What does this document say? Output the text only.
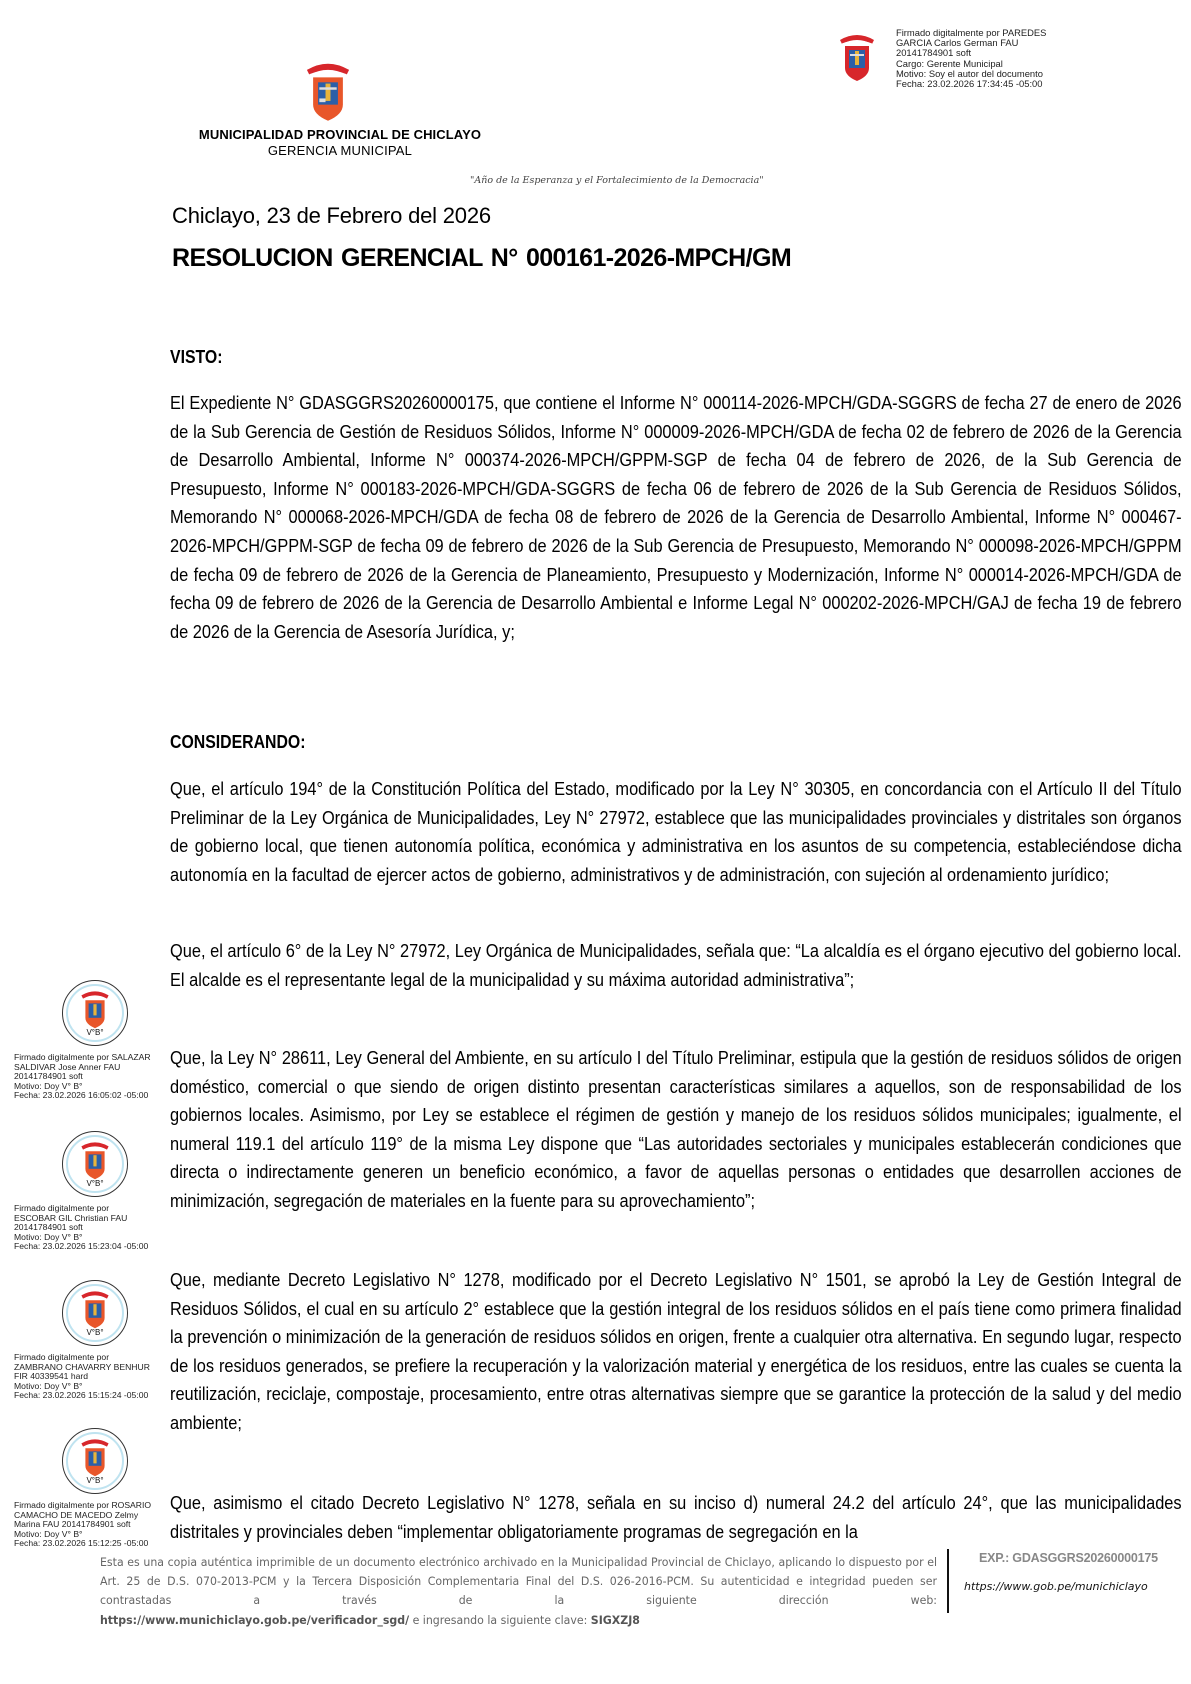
Firmado digitalmente por PAREDES
GARCIA Carlos German FAU
20141784901 soft
Cargo: Gerente Municipal
Motivo: Soy el autor del documento
Fecha: 23.02.2026 17:34:45 -05:00
MUNICIPALIDAD PROVINCIAL DE CHICLAYO
GERENCIA MUNICIPAL
"Año de la Esperanza y el Fortalecimiento de la Democracia"
Chiclayo, 23 de Febrero del 2026
RESOLUCION GERENCIAL N° 000161-2026-MPCH/GM
VISTO:
El Expediente N° GDASGGRS20260000175, que contiene el Informe N° 000114-2026-MPCH/GDA-SGGRS de fecha 27 de enero de 2026 de la Sub Gerencia de Gestión de Residuos Sólidos, Informe N° 000009-2026-MPCH/GDA de fecha 02 de febrero de 2026 de la Gerencia de Desarrollo Ambiental, Informe N° 000374-2026-MPCH/GPPM-SGP de fecha 04 de febrero de 2026, de la Sub Gerencia de Presupuesto, Informe N° 000183-2026-MPCH/GDA-SGGRS de fecha 06 de febrero de 2026 de la Sub Gerencia de Residuos Sólidos, Memorando N° 000068-2026-MPCH/GDA de fecha 08 de febrero de 2026 de la Gerencia de Desarrollo Ambiental, Informe N° 000467-2026-MPCH/GPPM-SGP de fecha 09 de febrero de 2026 de la Sub Gerencia de Presupuesto, Memorando N° 000098-2026-MPCH/GPPM de fecha 09 de febrero de 2026 de la Gerencia de Planeamiento, Presupuesto y Modernización, Informe N° 000014-2026-MPCH/GDA de fecha 09 de febrero de 2026 de la Gerencia de Desarrollo Ambiental e Informe Legal N° 000202-2026-MPCH/GAJ de fecha 19 de febrero de 2026 de la Gerencia de Asesoría Jurídica, y;
CONSIDERANDO:
Que, el artículo 194° de la Constitución Política del Estado, modificado por la Ley N° 30305, en concordancia con el Artículo II del Título Preliminar de la Ley Orgánica de Municipalidades, Ley N° 27972, establece que las municipalidades provinciales y distritales son órganos de gobierno local, que tienen autonomía política, económica y administrativa en los asuntos de su competencia, estableciéndose dicha autonomía en la facultad de ejercer actos de gobierno, administrativos y de administración, con sujeción al ordenamiento jurídico;
Que, el artículo 6° de la Ley N° 27972, Ley Orgánica de Municipalidades, señala que: “La alcaldía es el órgano ejecutivo del gobierno local. El alcalde es el representante legal de la municipalidad y su máxima autoridad administrativa”;
Que, la Ley N° 28611, Ley General del Ambiente, en su artículo I del Título Preliminar, estipula que la gestión de residuos sólidos de origen doméstico, comercial o que siendo de origen distinto presentan características similares a aquellos, son de responsabilidad de los gobiernos locales. Asimismo, por Ley se establece el régimen de gestión y manejo de los residuos sólidos municipales; igualmente, el numeral 119.1 del artículo 119° de la misma Ley dispone que “Las autoridades sectoriales y municipales establecerán condiciones que directa o indirectamente generen un beneficio económico, a favor de aquellas personas o entidades que desarrollen acciones de minimización, segregación de materiales en la fuente para su aprovechamiento”;
Que, mediante Decreto Legislativo N° 1278, modificado por el Decreto Legislativo N° 1501, se aprobó la Ley de Gestión Integral de Residuos Sólidos, el cual en su artículo 2° establece que la gestión integral de los residuos sólidos en el país tiene como primera finalidad la prevención o minimización de la generación de residuos sólidos en origen, frente a cualquier otra alternativa. En segundo lugar, respecto de los residuos generados, se prefiere la recuperación y la valorización material y energética de los residuos, entre las cuales se cuenta la reutilización, reciclaje, compostaje, procesamiento, entre otras alternativas siempre que se garantice la protección de la salud y del medio ambiente;
Que, asimismo el citado Decreto Legislativo N° 1278, señala en su inciso d) numeral 24.2 del artículo 24°, que las municipalidades distritales y provinciales deben “implementar obligatoriamente programas de segregación en la
V°B°
Firmado digitalmente por SALAZAR
SALDIVAR Jose Anner FAU
20141784901 soft
Motivo: Doy V° B°
Fecha: 23.02.2026 16:05:02 -05:00
V°B°
Firmado digitalmente por
ESCOBAR GIL Christian FAU
20141784901 soft
Motivo: Doy V° B°
Fecha: 23.02.2026 15:23:04 -05:00
V°B°
Firmado digitalmente por
ZAMBRANO CHAVARRY BENHUR
FIR 40339541 hard
Motivo: Doy V° B°
Fecha: 23.02.2026 15:15:24 -05:00
V°B°
Firmado digitalmente por ROSARIO
CAMACHO DE MACEDO Zelmy
Marina FAU 20141784901 soft
Motivo: Doy V° B°
Fecha: 23.02.2026 15:12:25 -05:00
Esta es una copia auténtica imprimible de un documento electrónico archivado en la Municipalidad Provincial de Chiclayo, aplicando lo dispuesto por el Art. 25 de D.S. 070-2013-PCM y la Tercera Disposición Complementaria Final del D.S. 026-2016-PCM. Su autenticidad e integridad pueden ser contrastadas a través de la siguiente dirección web:
https://www.munichiclayo.gob.pe/verificador_sgd/ e ingresando la siguiente clave: SIGXZJ8
EXP.: GDASGGRS20260000175
https://www.gob.pe/munichiclayo
